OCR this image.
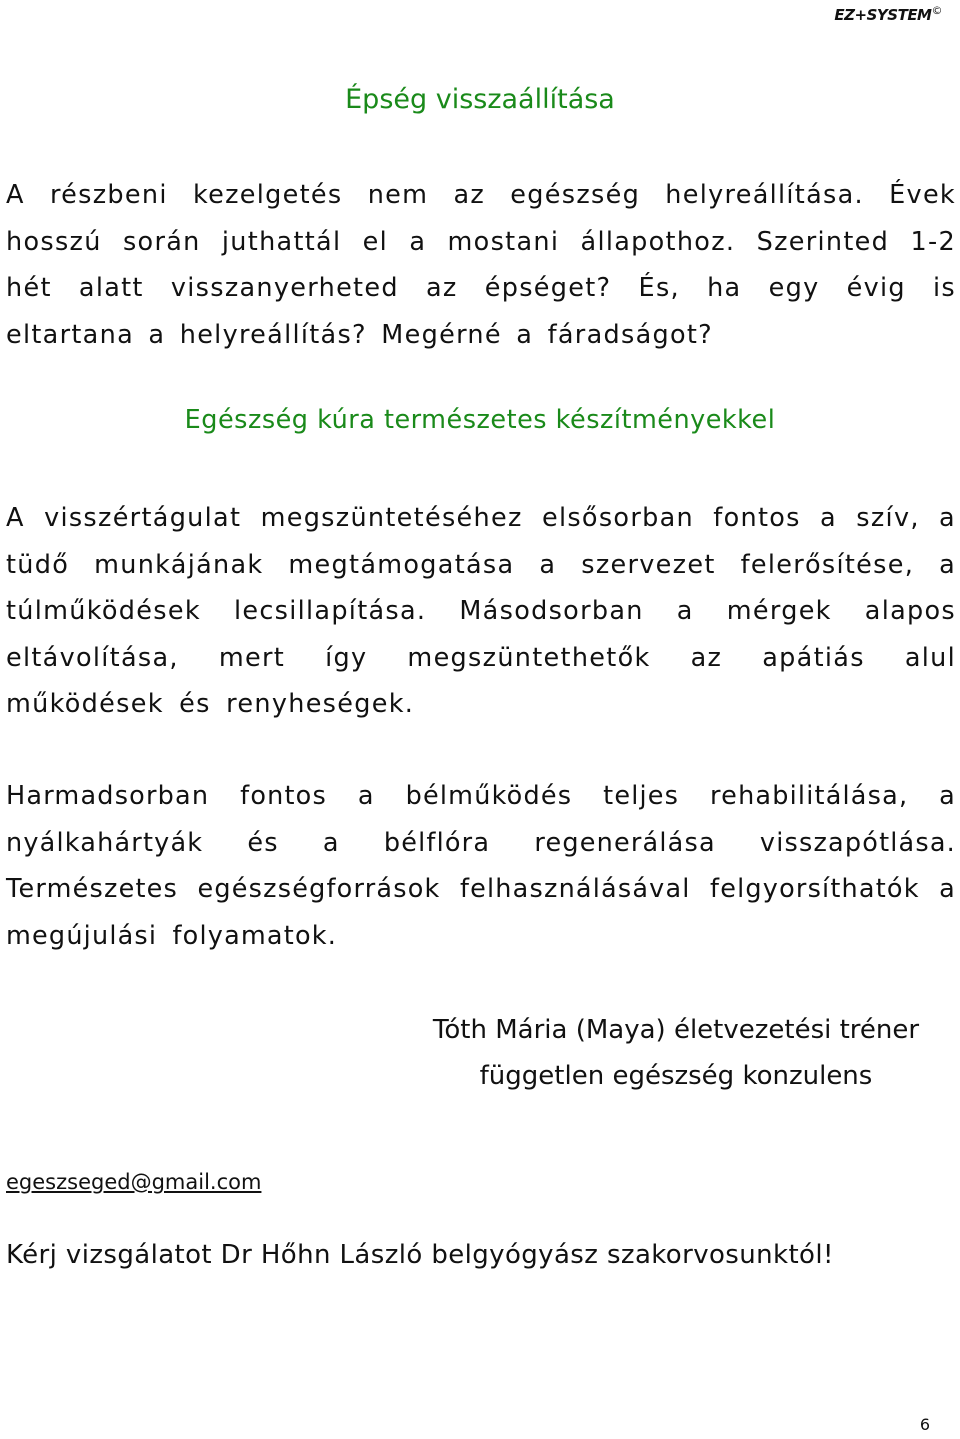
EZ+SYSTEM©
Épség visszaállítása

A részbeni kezelgetés nem az egészség helyreállítása. Évek hosszú során juthattál el a mostani állapothoz. Szerinted 1-2 hét alatt visszanyerheted az épséget? És, ha egy évig is eltartana a helyreállítás? Megérné a fáradságot?

Egészség kúra természetes készítményekkel

A visszértágulat megszüntetéséhez elsősorban fontos a szív, a tüdő munkájának megtámogatása a szervezet felerősítése, a túlműködések lecsillapítása. Másodsorban a mérgek alapos eltávolítása, mert így megszüntethetők az apátiás alul működések és renyheségek.

Harmadsorban fontos a bélműködés teljes rehabilitálása, a nyálkahártyák és a bélflóra regenerálása visszapótlása. Természetes egészségforrások felhasználásával felgyorsíthatók a megújulási folyamatok.

Tóth Mária (Maya) életvezetési tréner
független egészség konzulens
egeszseged@gmail.com

Kérj vizsgálatot Dr Hőhn László belgyógyász szakorvosunktól!

6
